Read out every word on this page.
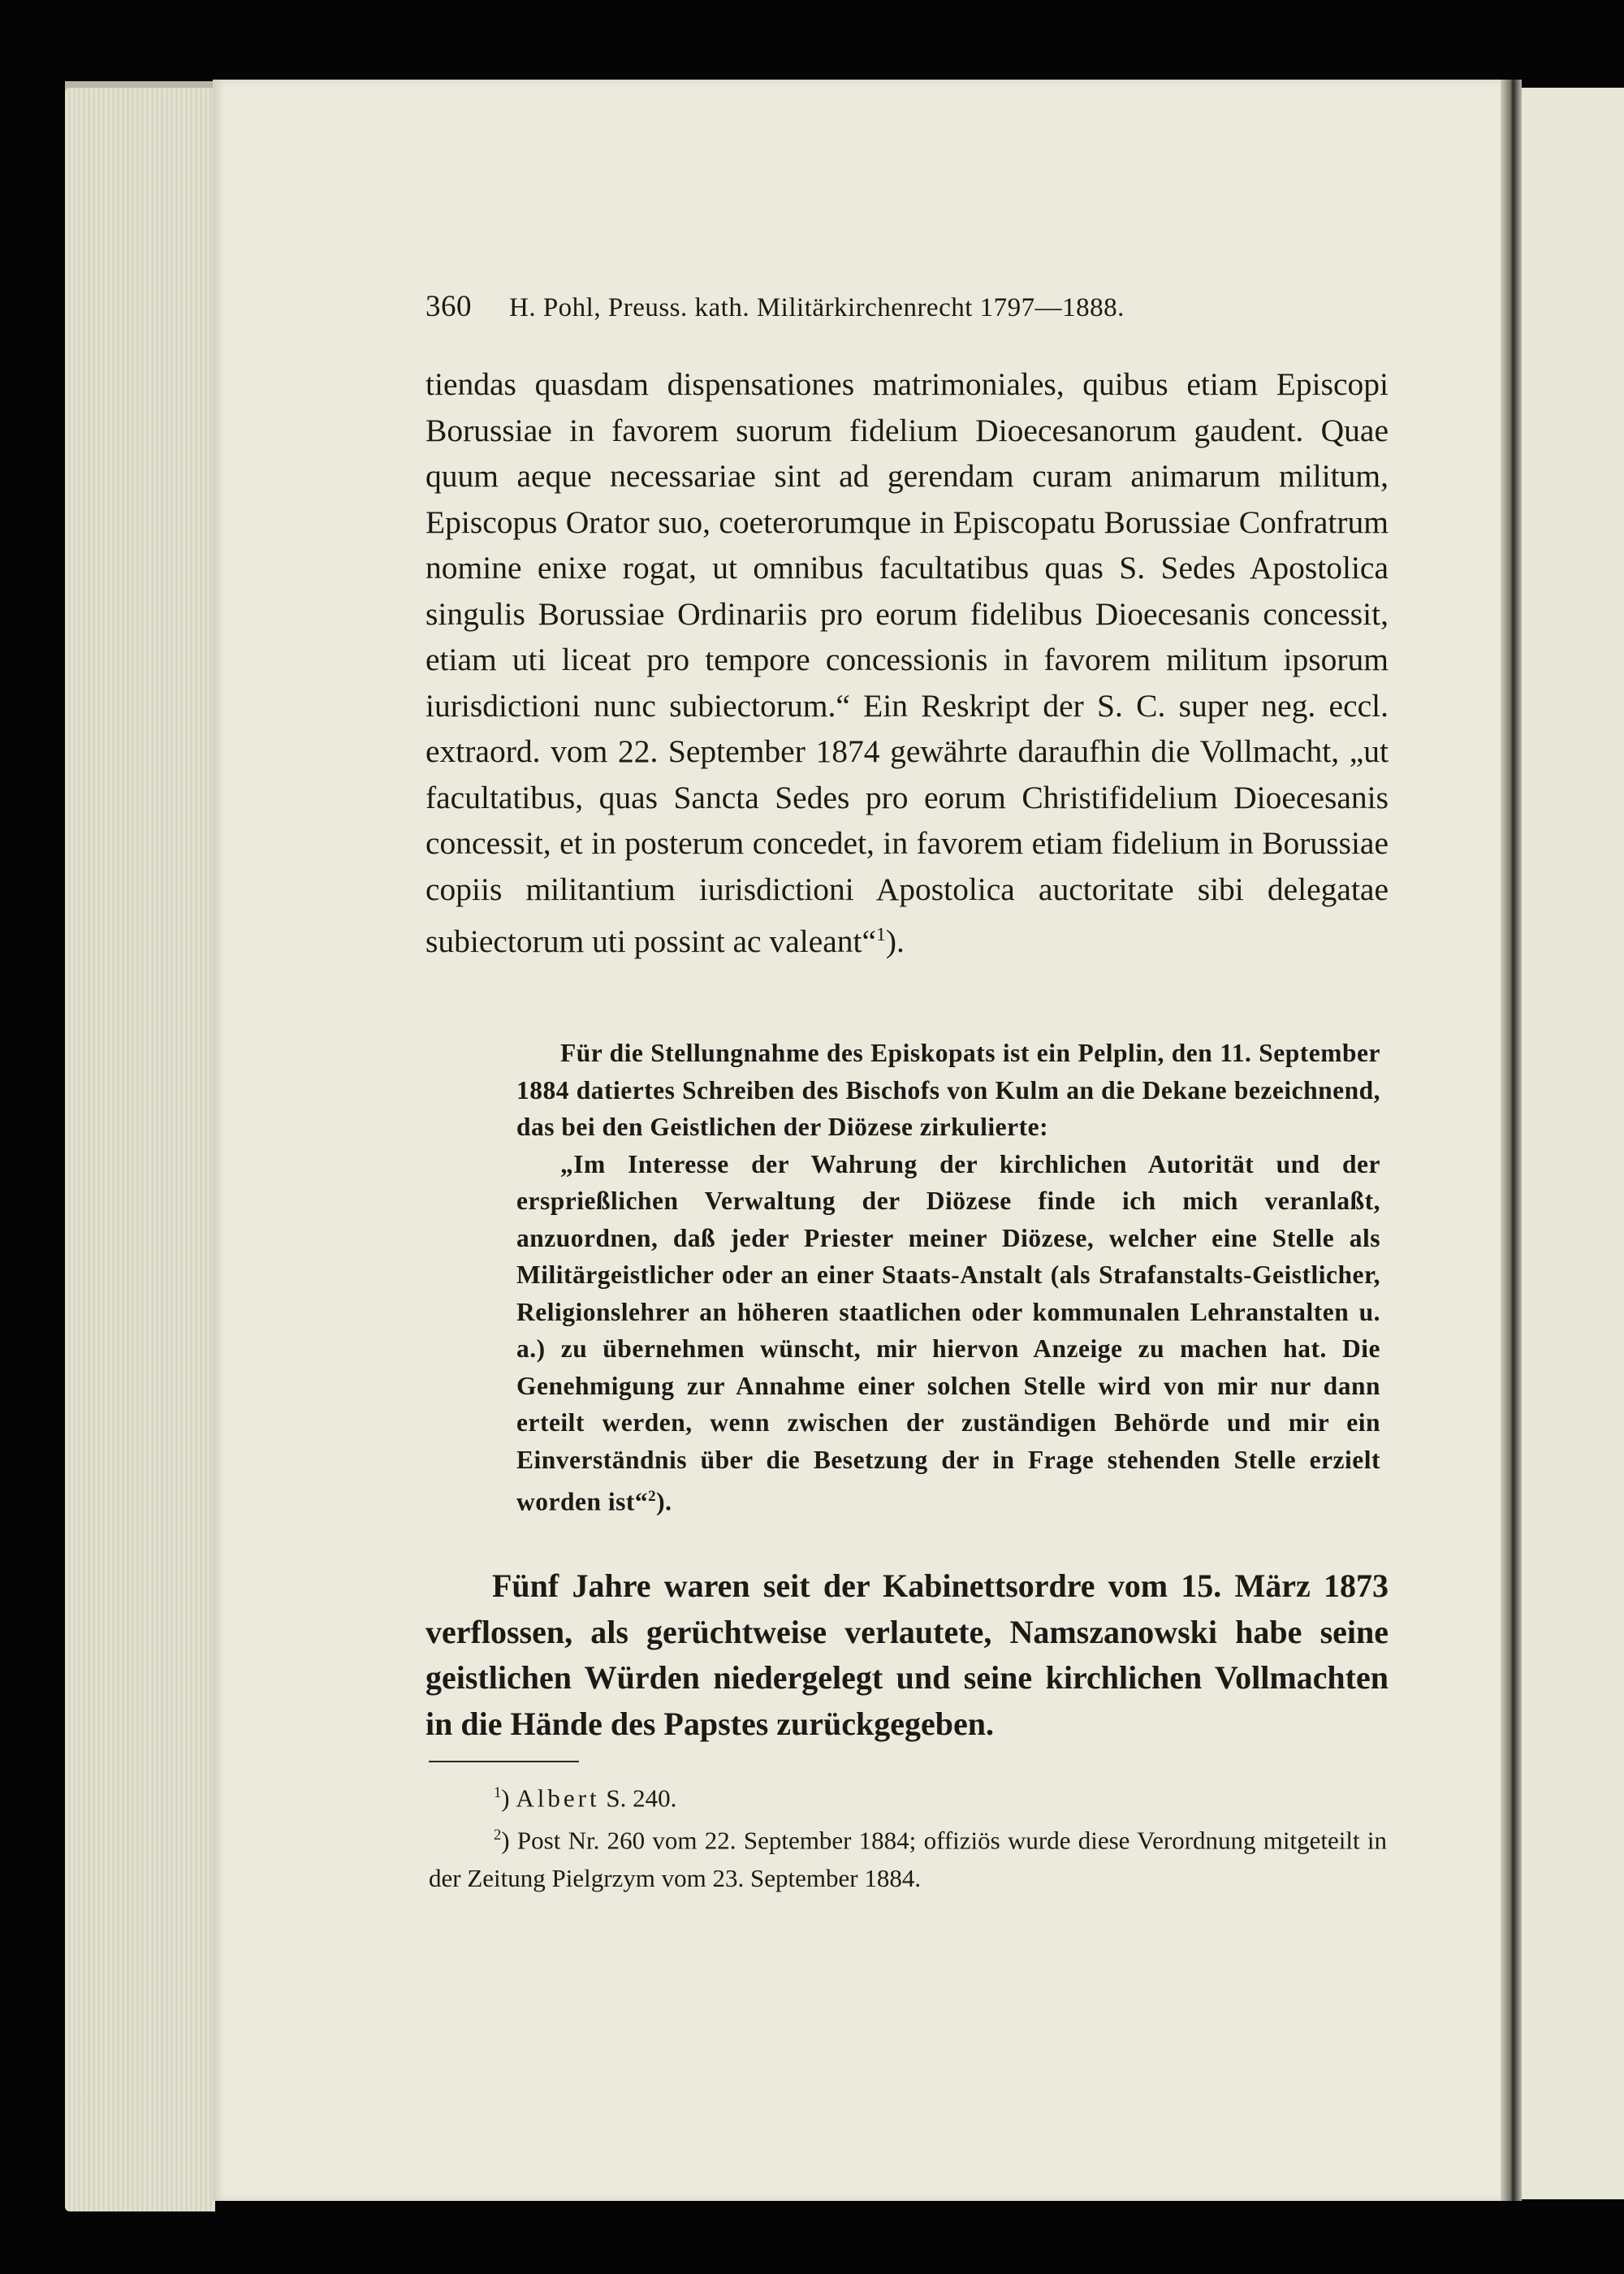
360 H. Pohl, Preuss. kath. Militärkirchenrecht 1797—1888.

tiendas quasdam dispensationes matrimoniales, quibus etiam Episcopi Borussiae in favorem suorum fidelium Dioecesanorum gaudent. Quae quum aeque necessariae sint ad gerendam curam animarum militum, Episcopus Orator suo, coeterorumque in Episcopatu Borussiae Confratrum nomine enixe rogat, ut omnibus facultatibus quas S. Sedes Apostolica singulis Borussiae Ordinariis pro eorum fidelibus Dioecesanis concessit, etiam uti liceat pro tempore concessionis in favorem militum ipsorum iurisdictioni nunc subiectorum.“ Ein Reskript der S. C. super neg. eccl. extraord. vom 22. September 1874 gewährte daraufhin die Vollmacht, „ut facultatibus, quas Sancta Sedes pro eorum Christifidelium Dioecesanis concessit, et in posterum concedet, in favorem etiam fidelium in Borussiae copiis militantium iurisdictioni Apostolica auctoritate sibi delegatae subiectorum uti possint ac valeant“$^1$).

Für die Stellungnahme des Episkopats ist ein Pelplin, den 11. September 1884 datiertes Schreiben des Bischofs von Kulm an die Dekane bezeichnend, das bei den Geistlichen der Diözese zirkulierte:

„Im Interesse der Wahrung der kirchlichen Autorität und der ersprießlichen Verwaltung der Diözese finde ich mich veranlaßt, anzuordnen, daß jeder Priester meiner Diözese, welcher eine Stelle als Militärgeistlicher oder an einer Staats-Anstalt (als Strafanstalts-Geistlicher, Religionslehrer an höheren staatlichen oder kommunalen Lehranstalten u. a.) zu übernehmen wünscht, mir hiervon Anzeige zu machen hat. Die Genehmigung zur Annahme einer solchen Stelle wird von mir nur dann erteilt werden, wenn zwischen der zuständigen Behörde und mir ein Einverständnis über die Besetzung der in Frage stehenden Stelle erzielt worden ist“$^2$).

Fünf Jahre waren seit der Kabinettsordre vom 15. März 1873 verflossen, als gerüchtweise verlautete, Namszanowski habe seine geistlichen Würden niedergelegt und seine kirchlichen Vollmachten in die Hände des Papstes zurückgegeben.

$^1$) Albert S. 240.

$^2$) Post Nr. 260 vom 22. September 1884; offiziös wurde diese Verordnung mitgeteilt in der Zeitung Pielgrzym vom 23. September 1884.
